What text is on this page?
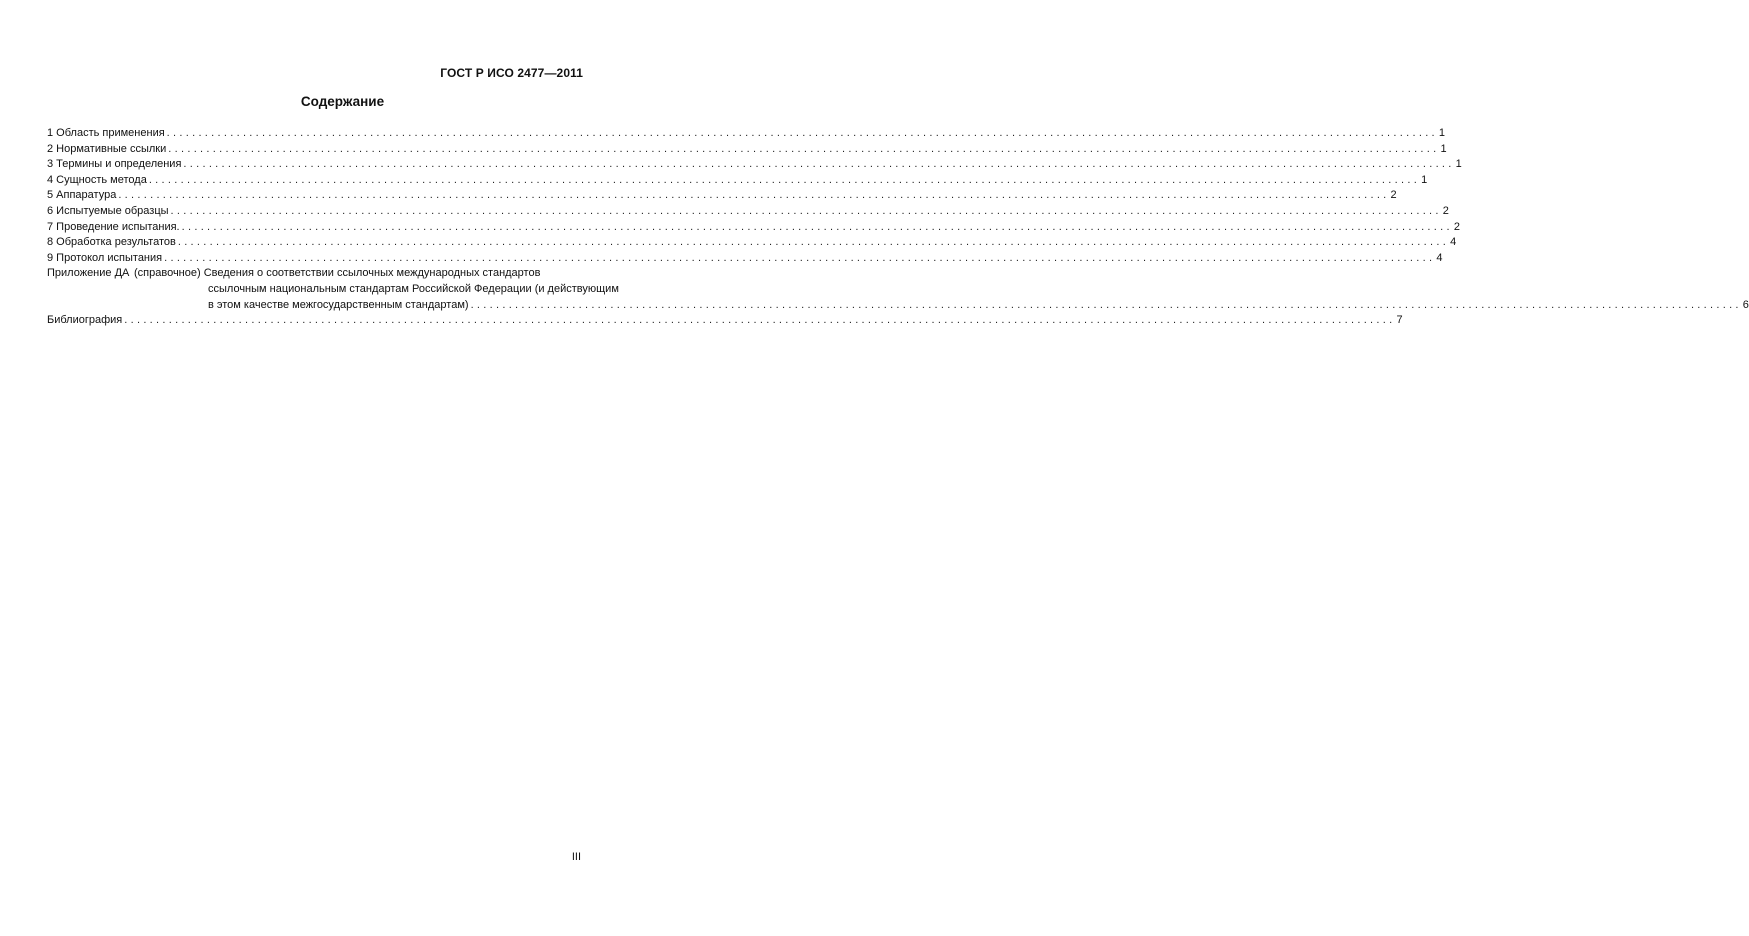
ГОСТ Р ИСО 2477—2011
Содержание
1 Область применения ........................................................................................................................................................................................................ 1
2 Нормативные ссылки ........................................................................................................................................................................................................ 1
3 Термины и определения ........................................................................................................................................................................................................ 1
4 Сущность метода ........................................................................................................................................................................................................ 1
5 Аппаратура ........................................................................................................................................................................................................ 2
6 Испытуемые образцы ........................................................................................................................................................................................................ 2
7 Проведение испытания. ........................................................................................................................................................................................................ 2
8 Обработка результатов ........................................................................................................................................................................................................ 4
9 Протокол испытания ........................................................................................................................................................................................................ 4
Приложение ДА (справочное) Сведения о соответствии ссылочных международных стандартов
ссылочным национальным стандартам Российской Федерации (и действующим
в этом качестве межгосударственным стандартам) ........................................................................................................................................................................................................ 6
Библиография ........................................................................................................................................................................................................ 7
III
